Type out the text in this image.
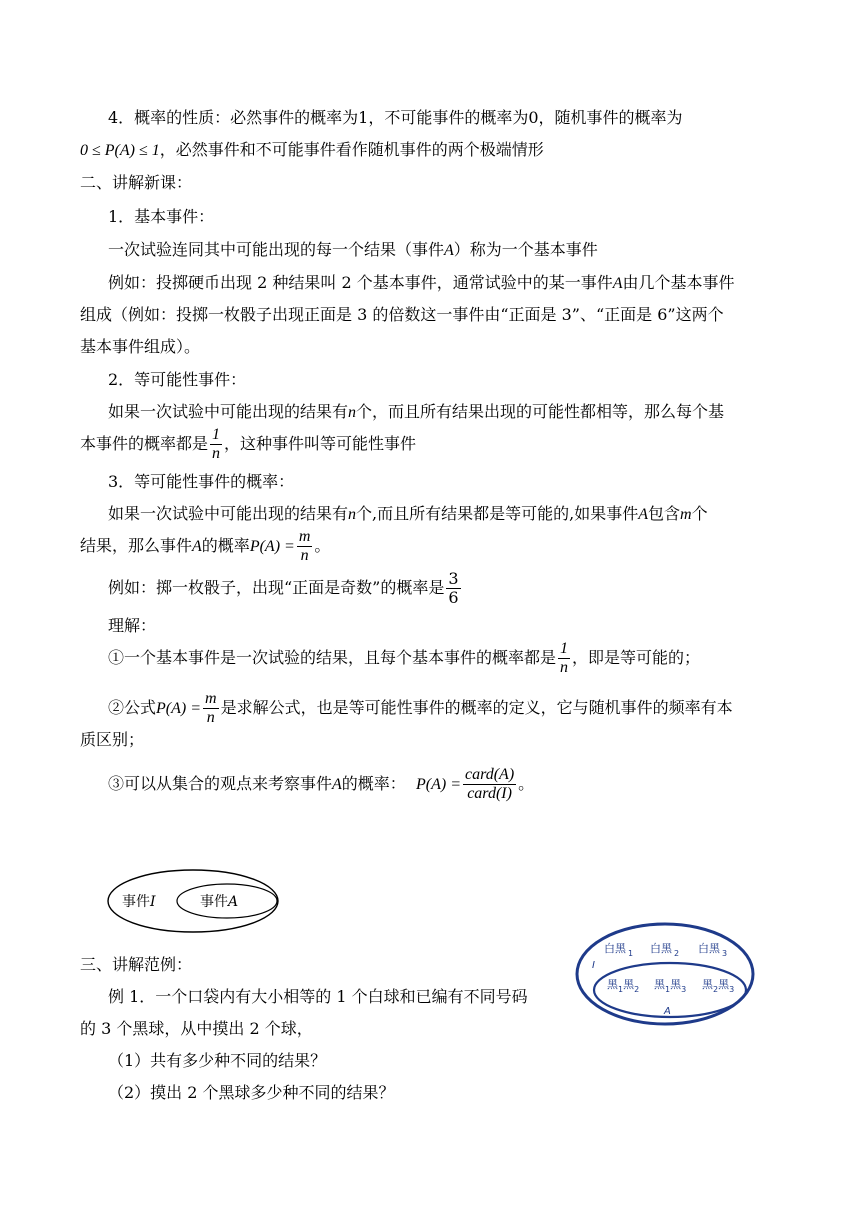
4．概率的性质：必然事件的概率为1，不可能事件的概率为0，随机事件的概率为
0 ≤ P(A) ≤ 1，必然事件和不可能事件看作随机事件的两个极端情形
二、讲解新课：
1．基本事件：
一次试验连同其中可能出现的每一个结果（事件A）称为一个基本事件
例如：投掷硬币出现 2 种结果叫 2 个基本事件，通常试验中的某一事件A由几个基本事件
组成（例如：投掷一枚骰子出现正面是 3 的倍数这一事件由“正面是 3”、“正面是 6”这两个
基本事件组成）。
2．等可能性事件：
如果一次试验中可能出现的结果有n个，而且所有结果出现的可能性都相等，那么每个基
本事件的概率都是 $\frac{1}{n}$ ，这种事件叫等可能性事件
3．等可能性事件的概率：
如果一次试验中可能出现的结果有n个,而且所有结果都是等可能的,如果事件A包含m个
结果，那么事件A的概率$P(A) = \frac{m}{n}$ 。
例如：掷一枚骰子，出现“正面是奇数”的概率是 $\frac{3}{6}$
理解：
①一个基本事件是一次试验的结果，且每个基本事件的概率都是 $\frac{1}{n}$ ，即是等可能的；
②公式$P(A) = \frac{m}{n}$ 是求解公式，也是等可能性事件的概率的定义，它与随机事件的频率有本
质区别；
③可以从集合的观点来考察事件A的概率： $P(A) = \frac{\text{card(A)}}{\text{card(I)}}$ 。
事件I	事件A
I
A
白黑 $_1$ 白黑 $_2$ 白黑 $_3$
黑$_1$黑$_2$ 黑$_1$黑$_3$ 黑$_2$黑$_3$
三、讲解范例：
例 1．一个口袋内有大小相等的 1 个白球和已编有不同号码
的 3 个黑球，从中摸出 2 个球，
（1）共有多少种不同的结果？
（2）摸出 2 个黑球多少种不同的结果？
